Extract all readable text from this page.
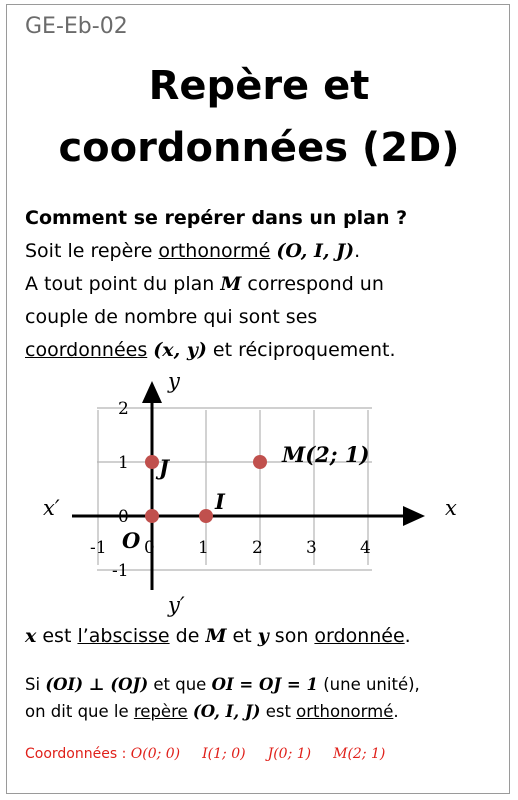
GE-Eb-02
Repère et
coordonnées (2D)
Comment se repérer dans un plan ?
Soit le repère orthonormé (O, I, J).
A tout point du plan M correspond un
couple de nombre qui sont ses
coordonnées (x, y) et réciproquement.
y
y′
x
x′
-1 0	1	2	3	4
2
1
0
-1
O
J
I
M(2; 1)
x est l’abscisse de M et y son ordonnée.
Si (OI) ⊥ (OJ) et que OI = OJ = 1 (une unité),
on dit que le repère (O, I, J) est orthonormé.
Coordonnées : O(0; 0) I(1; 0) J(0; 1) M(2; 1)
